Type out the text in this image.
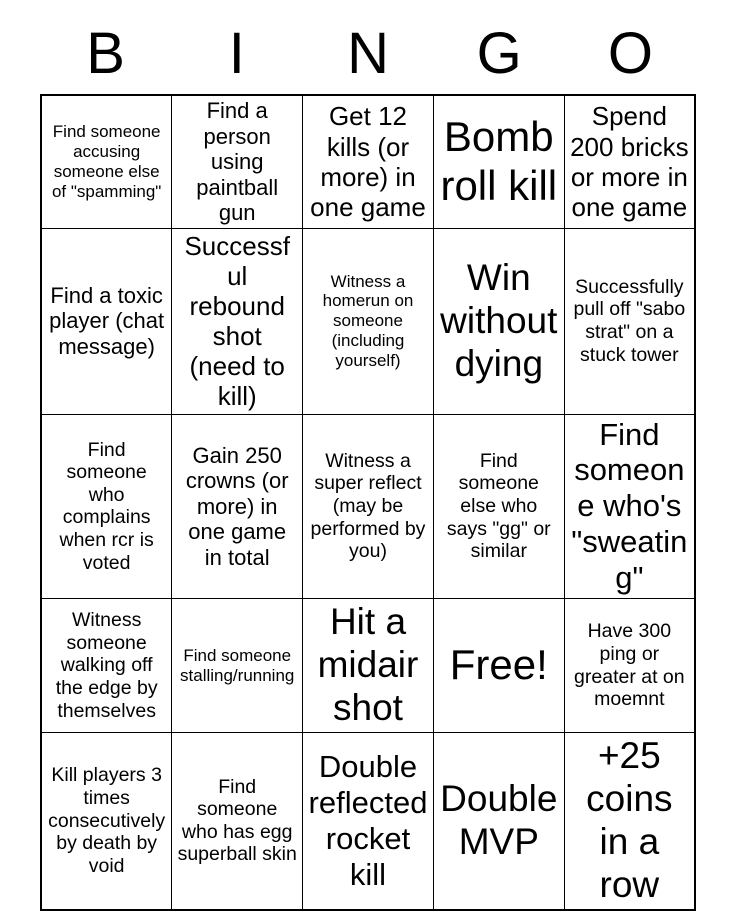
B	I	N	G	O
Find someone accusing someone else of "spamming"	Find a person using paintball gun	Get 12 kills (or more) in one game	Bomb roll kill	Spend 200 bricks or more in one game
Find a toxic player (chat message)	Successful rebound shot (need to kill)	Witness a homerun on someone (including yourself)	Win without dying	Successfully pull off "sabo strat" on a stuck tower
Find someone who complains when rcr is voted	Gain 250 crowns (or more) in one game in total	Witness a super reflect (may be performed by you)	Find someone else who says "gg" or similar	Find someone who's "sweating"
Witness someone walking off the edge by themselves	Find someone stalling/running	Hit a midair shot	Free!	Have 300 ping or greater at on moemnt
Kill players 3 times consecutively by death by void	Find someone who has egg superball skin	Double reflected rocket kill	Double MVP	+25 coins in a row
